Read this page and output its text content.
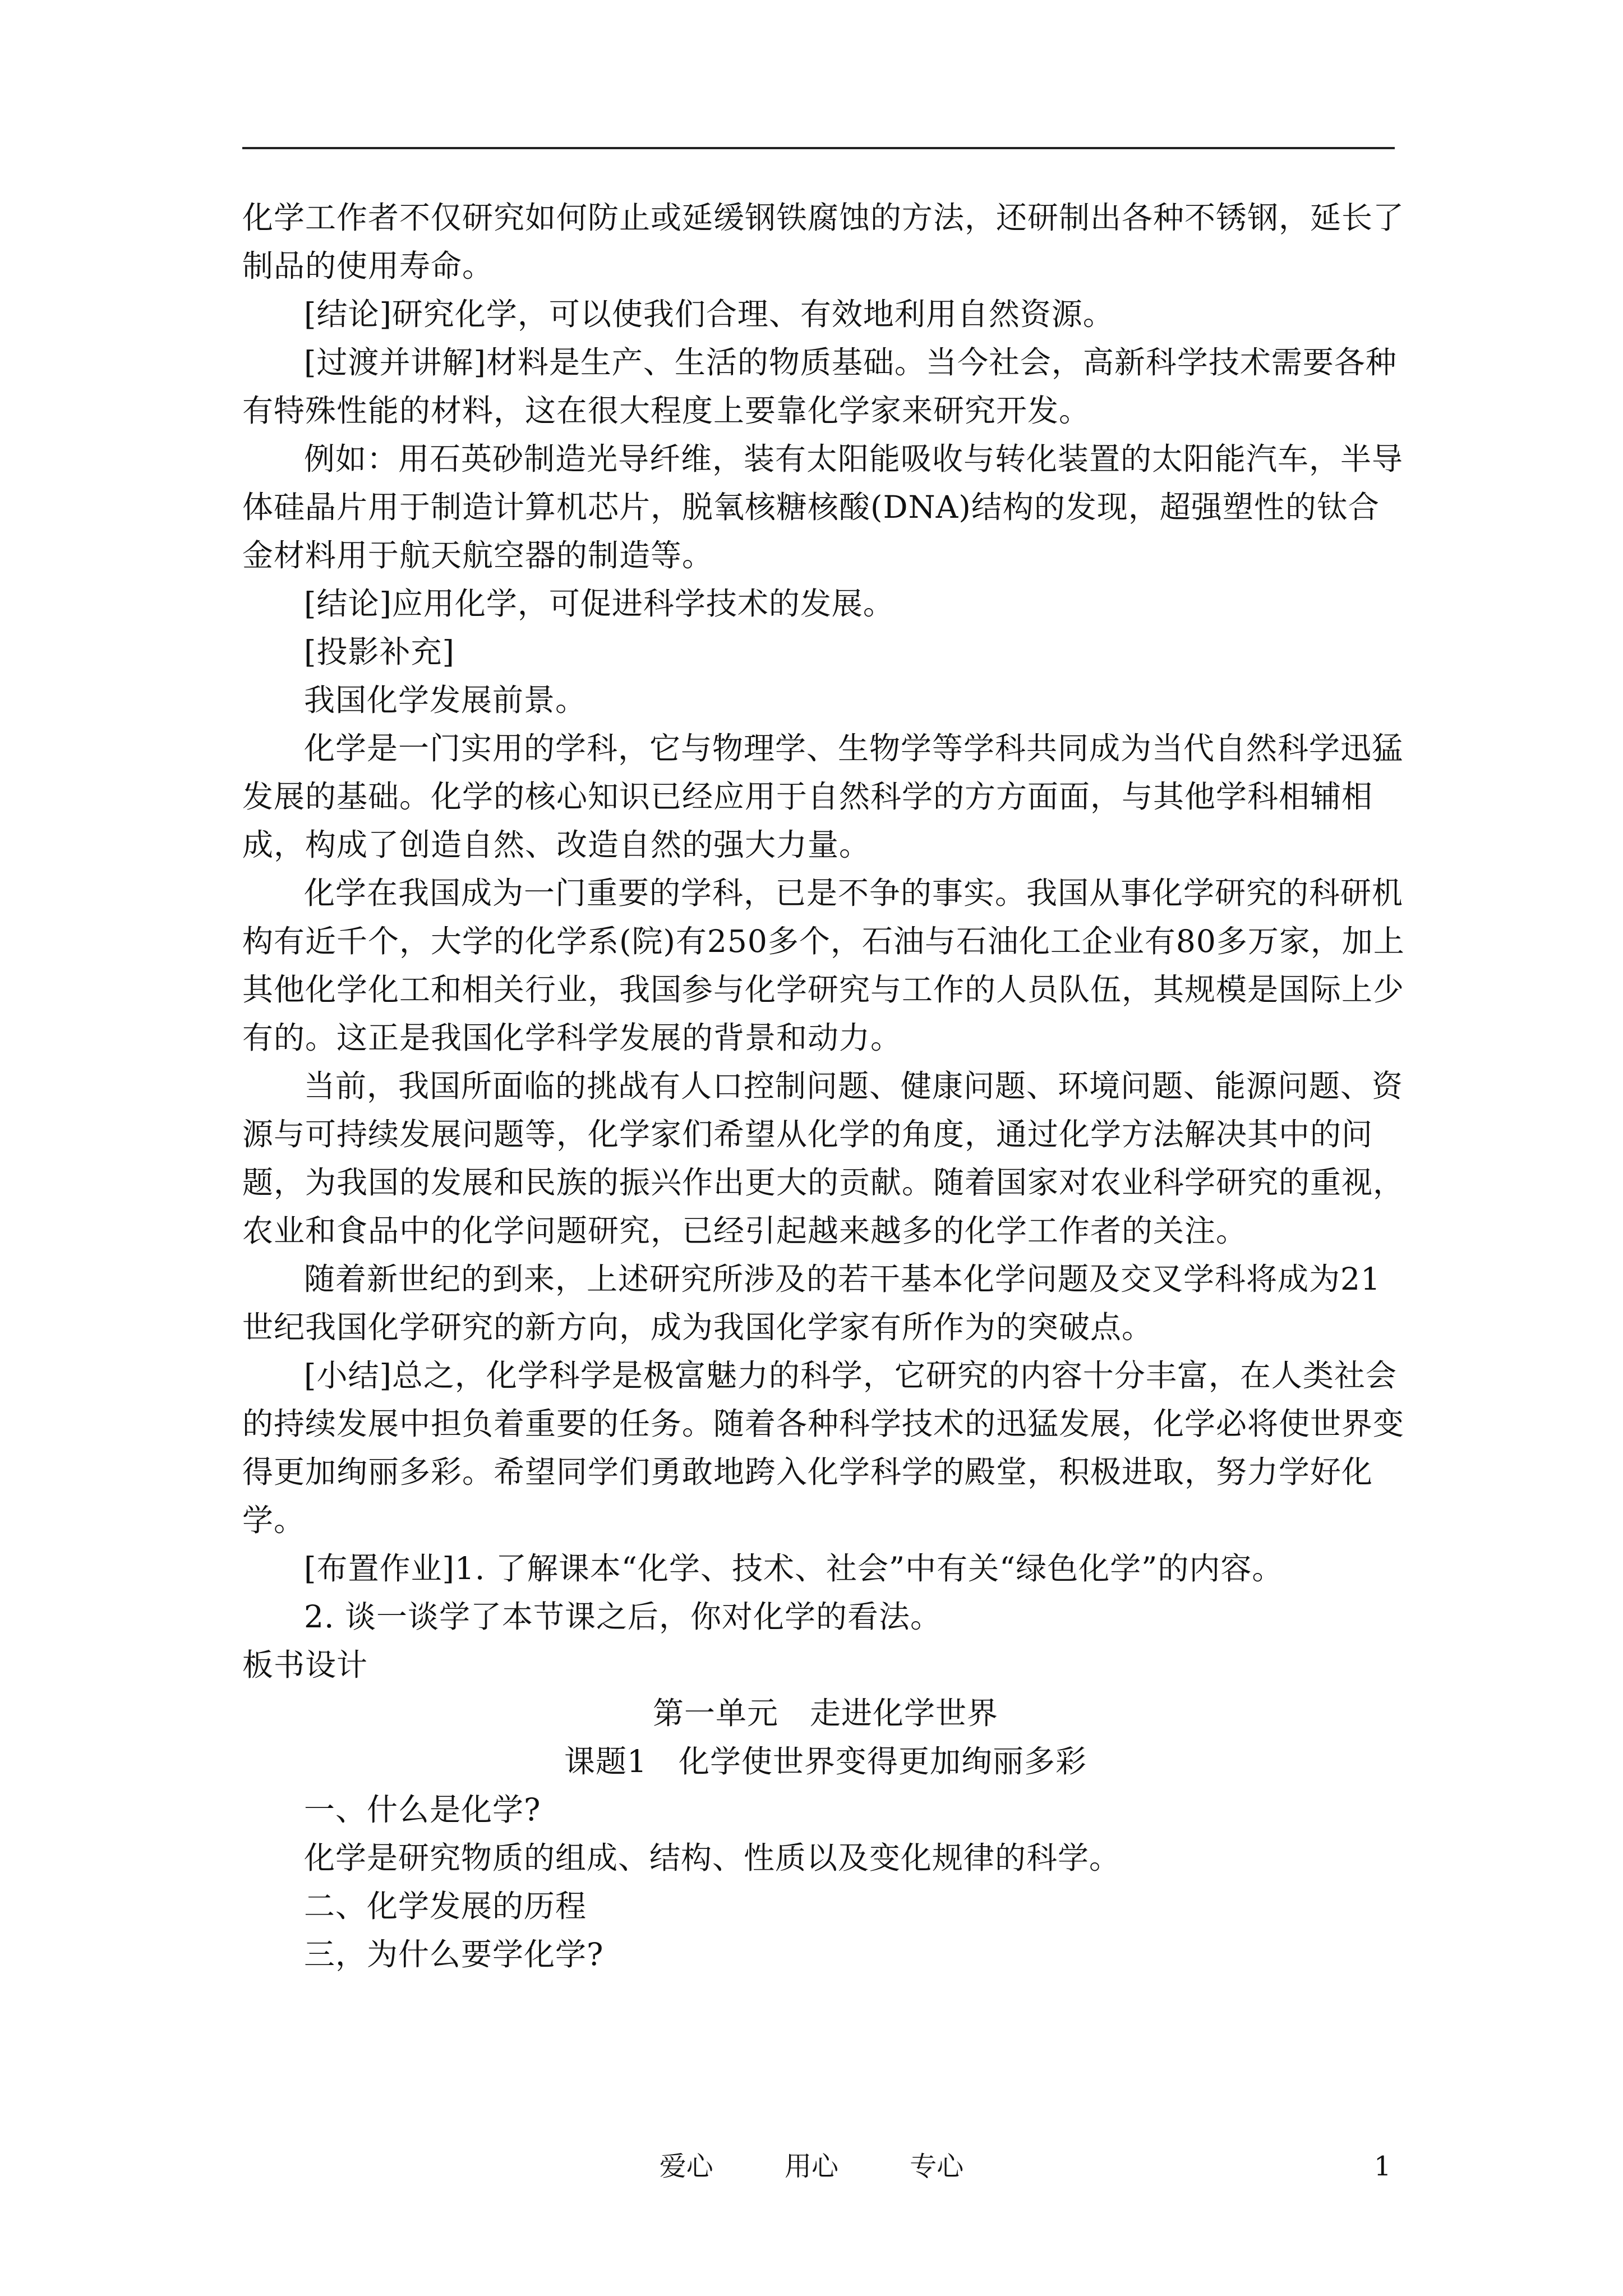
化学工作者不仅研究如何防止或延缓钢铁腐蚀的方法，还研制出各种不锈钢，延长了制品的使用寿命。

[结论]研究化学，可以使我们合理、有效地利用自然资源。

[过渡并讲解]材料是生产、生活的物质基础。当今社会，高新科学技术需要各种有特殊性能的材料，这在很大程度上要靠化学家来研究开发。

例如：用石英砂制造光导纤维，装有太阳能吸收与转化装置的太阳能汽车，半导体硅晶片用于制造计算机芯片，脱氧核糖核酸(DNA)结构的发现，超强塑性的钛合金材料用于航天航空器的制造等。

[结论]应用化学，可促进科学技术的发展。

[投影补充]

我国化学发展前景。

化学是一门实用的学科，它与物理学、生物学等学科共同成为当代自然科学迅猛发展的基础。化学的核心知识已经应用于自然科学的方方面面，与其他学科相辅相成，构成了创造自然、改造自然的强大力量。

化学在我国成为一门重要的学科，已是不争的事实。我国从事化学研究的科研机构有近千个，大学的化学系(院)有250多个，石油与石油化工企业有80多万家，加上其他化学化工和相关行业，我国参与化学研究与工作的人员队伍，其规模是国际上少有的。这正是我国化学科学发展的背景和动力。

当前，我国所面临的挑战有人口控制问题、健康问题、环境问题、能源问题、资源与可持续发展问题等，化学家们希望从化学的角度，通过化学方法解决其中的问题，为我国的发展和民族的振兴作出更大的贡献。随着国家对农业科学研究的重视，农业和食品中的化学问题研究，已经引起越来越多的化学工作者的关注。

随着新世纪的到来，上述研究所涉及的若干基本化学问题及交叉学科将成为21世纪我国化学研究的新方向，成为我国化学家有所作为的突破点。

[小结]总之，化学科学是极富魅力的科学，它研究的内容十分丰富，在人类社会的持续发展中担负着重要的任务。随着各种科学技术的迅猛发展，化学必将使世界变得更加绚丽多彩。希望同学们勇敢地跨入化学科学的殿堂，积极进取，努力学好化学。

[布置作业]1. 了解课本“化学、技术、社会”中有关“绿色化学”的内容。

2. 谈一谈学了本节课之后，你对化学的看法。

板书设计

第一单元　走进化学世界

课题1　化学使世界变得更加绚丽多彩

一、什么是化学?

化学是研究物质的组成、结构、性质以及变化规律的科学。

二、化学发展的历程

三，为什么要学化学?

爱心	用心	专心	1
